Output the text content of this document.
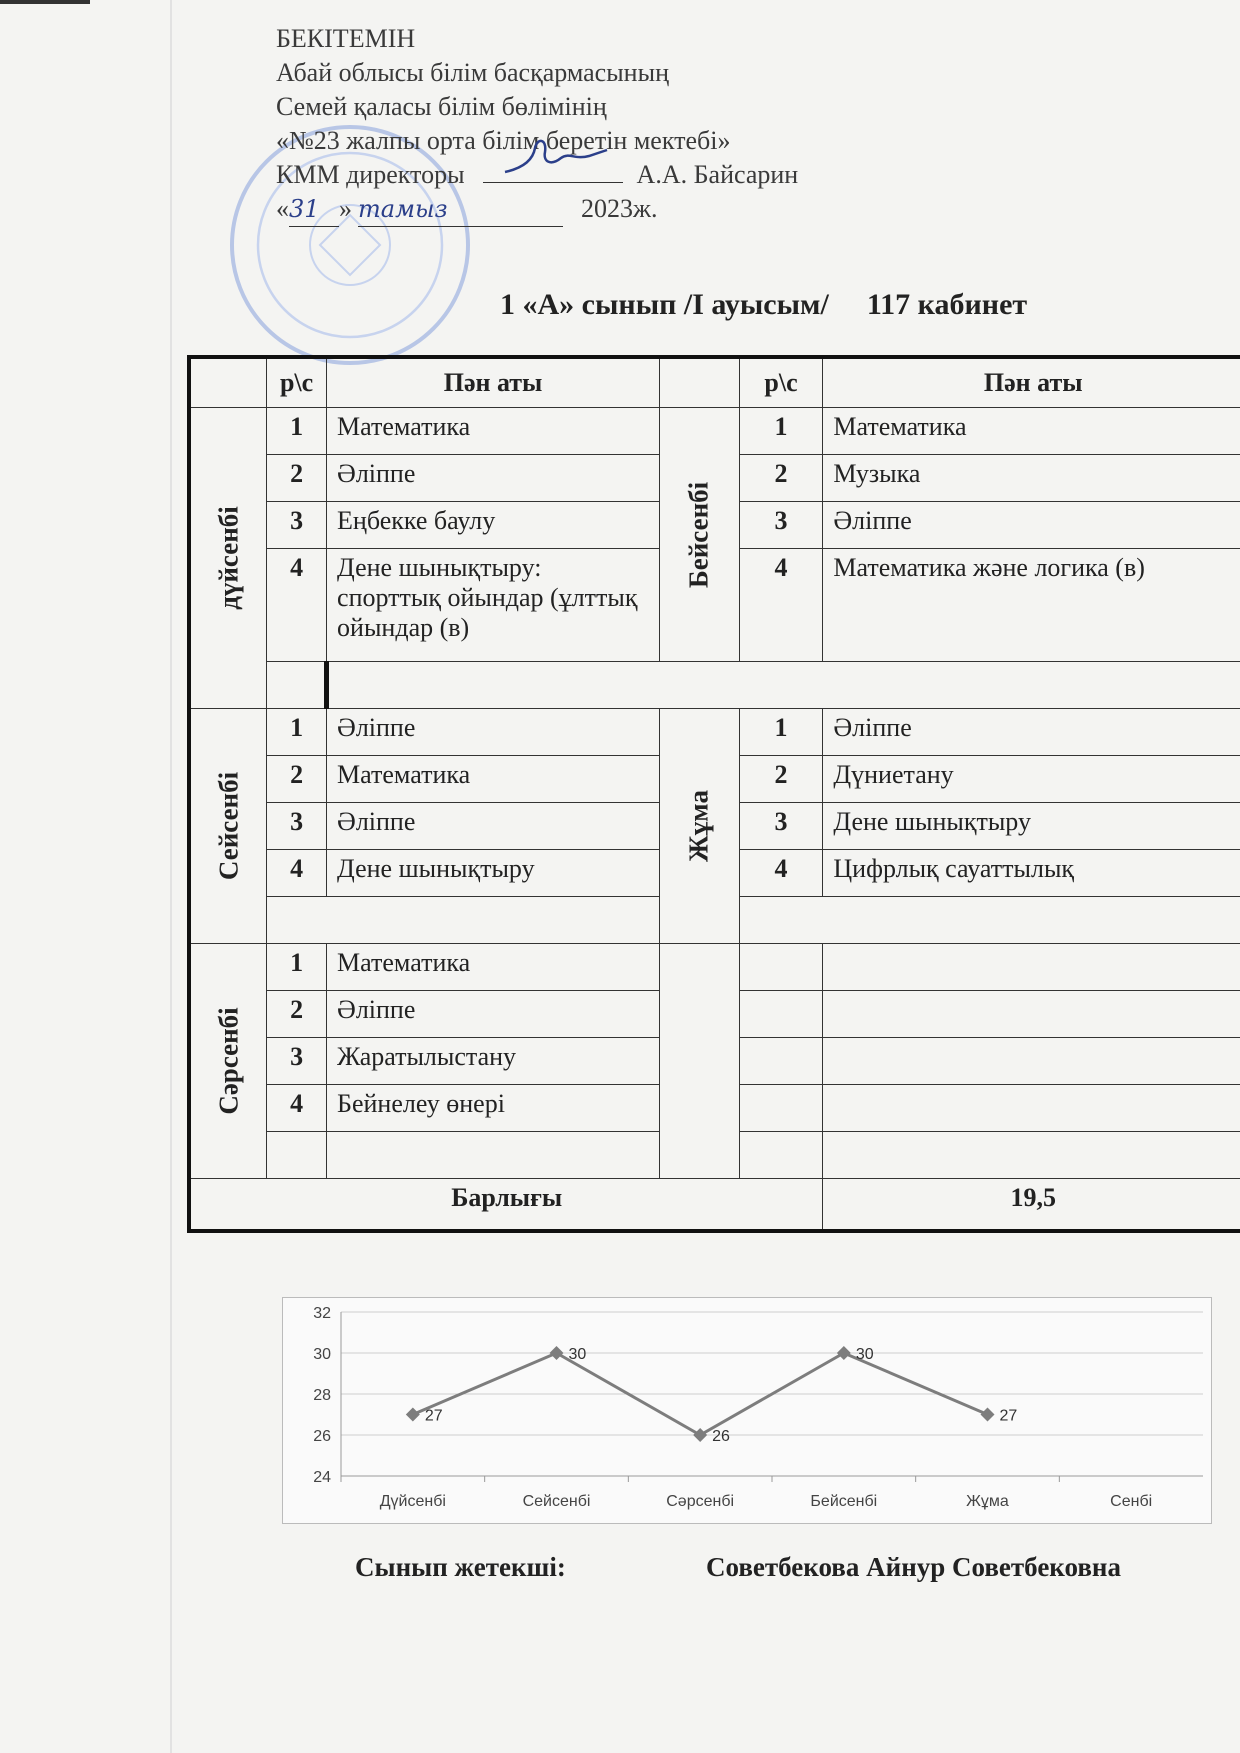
БЕКІТЕМІН
Абай облысы білім басқармасының
Семей қаласы білім бөлімінің
«№23 жалпы орта білім беретін мектебі»
КММ директоры	А.А. Байсарин
«31 » тамыз	2023ж.
1 «А» сынып /І ауысым/ 117 кабинет
	р\с	Пән аты		р\с	Пән аты

дүйсенбі	1	Математика	Бейсенбі	1	Математика
	2	Әліппе		2	Музыка
	3	Еңбекке баулу		3	Әліппе
	4	Дене шынықтыру: спорттық ойындар (ұлттық ойындар (в)		4	Математика және логика (в)

Сейсенбі	1	Әліппе	Жұма	1	Әліппе
	2	Математика		2	Дүниетану
	3	Әліппе		3	Дене шынықтыру
	4	Дене шынықтыру		4	Цифрлық сауаттылық

Сәрсенбі	1	Математика			
	2	Әліппе			
	3	Жаратылыстану			
	4	Бейнелеу өнері			

Барлығы					19,5
24
26
28
30
32
Дүйсенбі	Сейсенбі	Сәрсенбі	Бейсенбі	Жұма	Сенбі
27
30
26
30
27
Сынып жетекші:	Советбекова Айнур Советбековна
